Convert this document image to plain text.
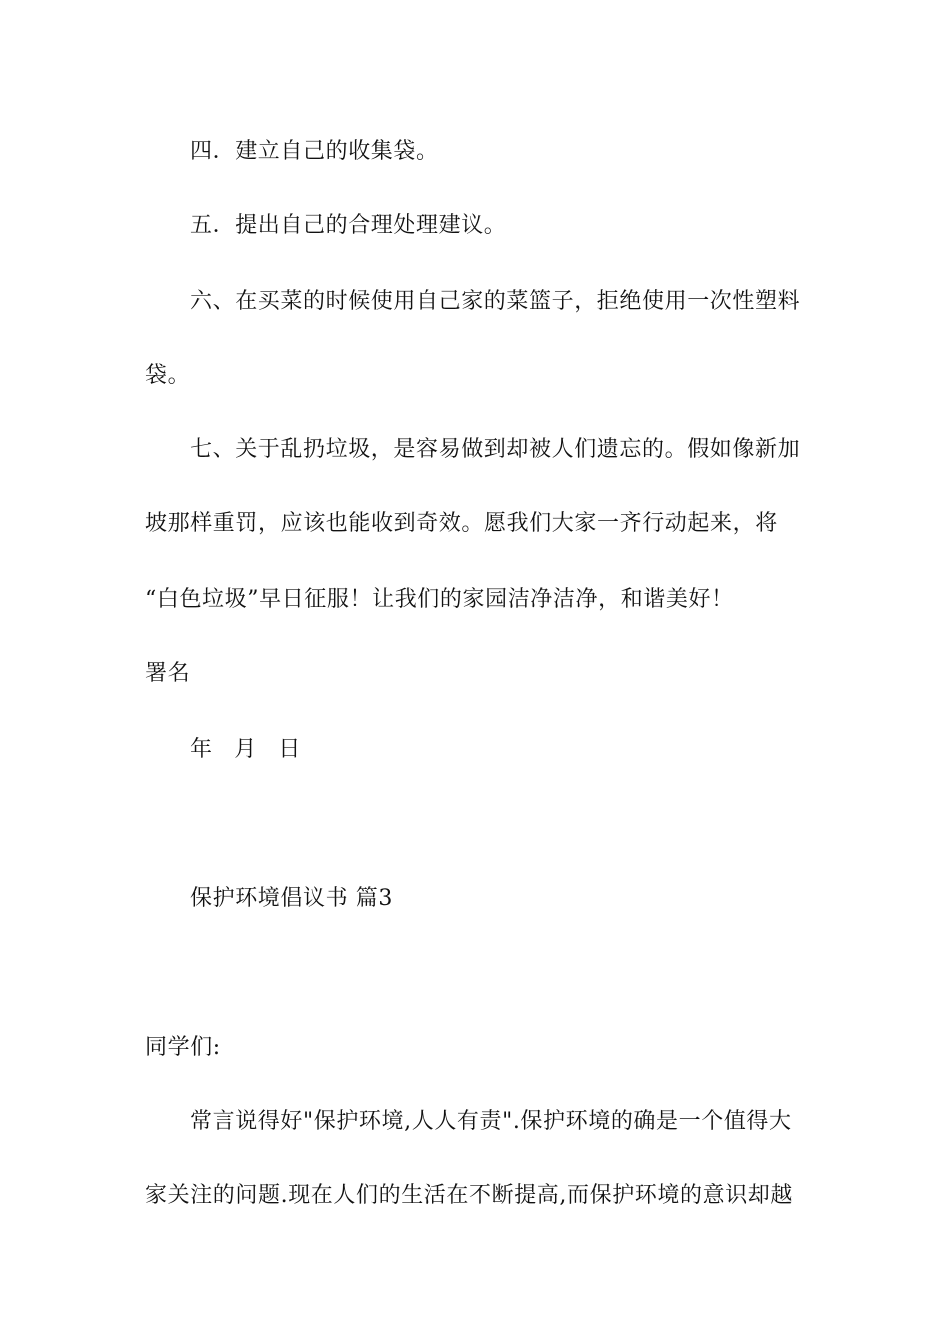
四．建立自己的收集袋。
五．提出自己的合理处理建议。
六、在买菜的时候使用自己家的菜篮子，拒绝使用一次性塑料
袋。
七、关于乱扔垃圾，是容易做到却被人们遗忘的。假如像新加
坡那样重罚，应该也能收到奇效。愿我们大家一齐行动起来，将
“白色垃圾”早日征服！让我们的家园洁净洁净，和谐美好！
署名
年 月 日
保护环境倡议书 篇3
同学们:
常言说得好"保护环境,人人有责".保护环境的确是一个值得大
家关注的问题.现在人们的生活在不断提高,而保护环境的意识却越
